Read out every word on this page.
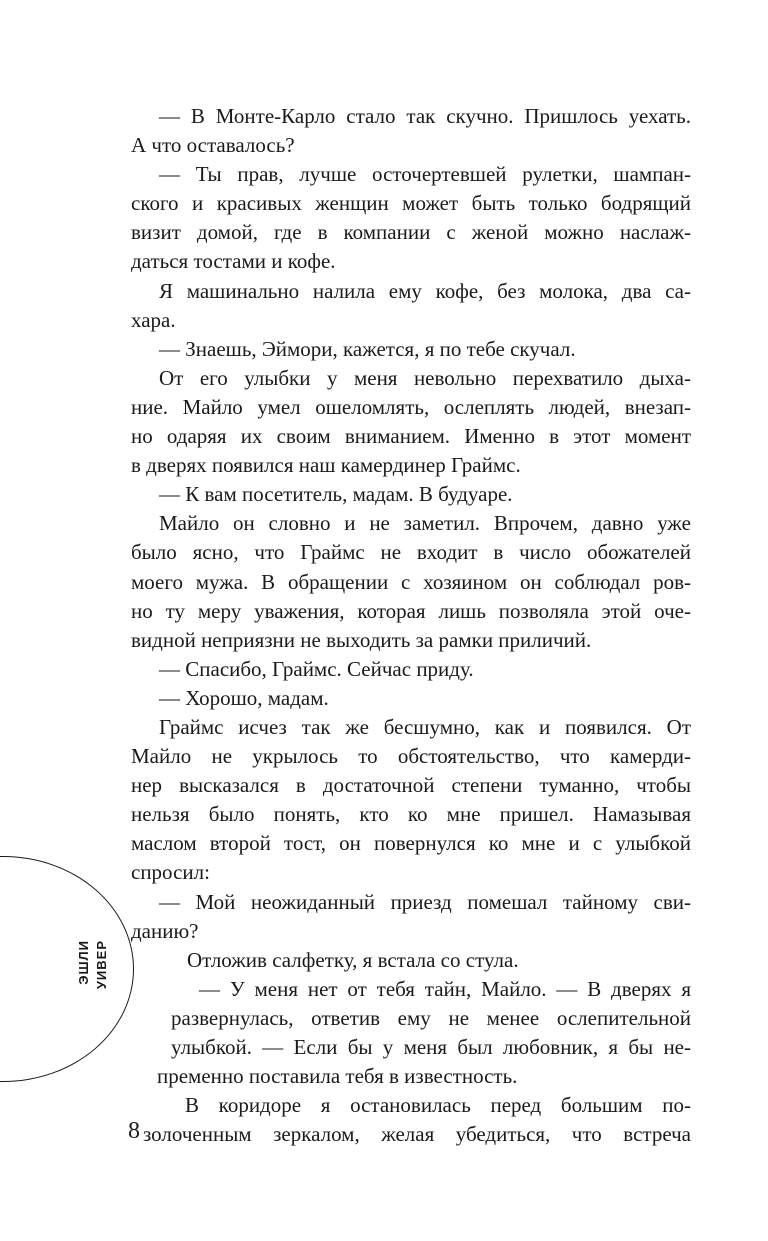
— В Монте-Карло стало так скучно. Пришлось уехать.
А что оставалось?
— Ты прав, лучше осточертевшей рулетки, шампан-
ского и красивых женщин может быть только бодрящий
визит домой, где в компании с женой можно наслаж-
даться тостами и кофе.
Я машинально налила ему кофе, без молока, два са-
хара.
— Знаешь, Эймори, кажется, я по тебе скучал.
От его улыбки у меня невольно перехватило дыха-
ние. Майло умел ошеломлять, ослеплять людей, внезап-
но одаряя их своим вниманием. Именно в этот момент
в дверях появился наш камердинер Граймс.
— К вам посетитель, мадам. В будуаре.
Майло он словно и не заметил. Впрочем, давно уже
было ясно, что Граймс не входит в число обожателей
моего мужа. В обращении с хозяином он соблюдал ров-
но ту меру уважения, которая лишь позволяла этой оче-
видной неприязни не выходить за рамки приличий.
— Спасибо, Граймс. Сейчас приду.
— Хорошо, мадам.
Граймс исчез так же бесшумно, как и появился. От
Майло не укрылось то обстоятельство, что камерди-
нер высказался в достаточной степени туманно, чтобы
нельзя было понять, кто ко мне пришел. Намазывая
маслом второй тост, он повернулся ко мне и с улыбкой
спросил:
— Мой неожиданный приезд помешал тайному сви-
данию?
Отложив салфетку, я встала со стула.
— У меня нет от тебя тайн, Майло. — В дверях я
развернулась, ответив ему не менее ослепительной
улыбкой. — Если бы у меня был любовник, я бы не-
пременно поставила тебя в известность.
В коридоре я остановилась перед большим по-
золоченным зеркалом, желая убедиться, что встреча
ЭШЛИ УИВЕР
8
